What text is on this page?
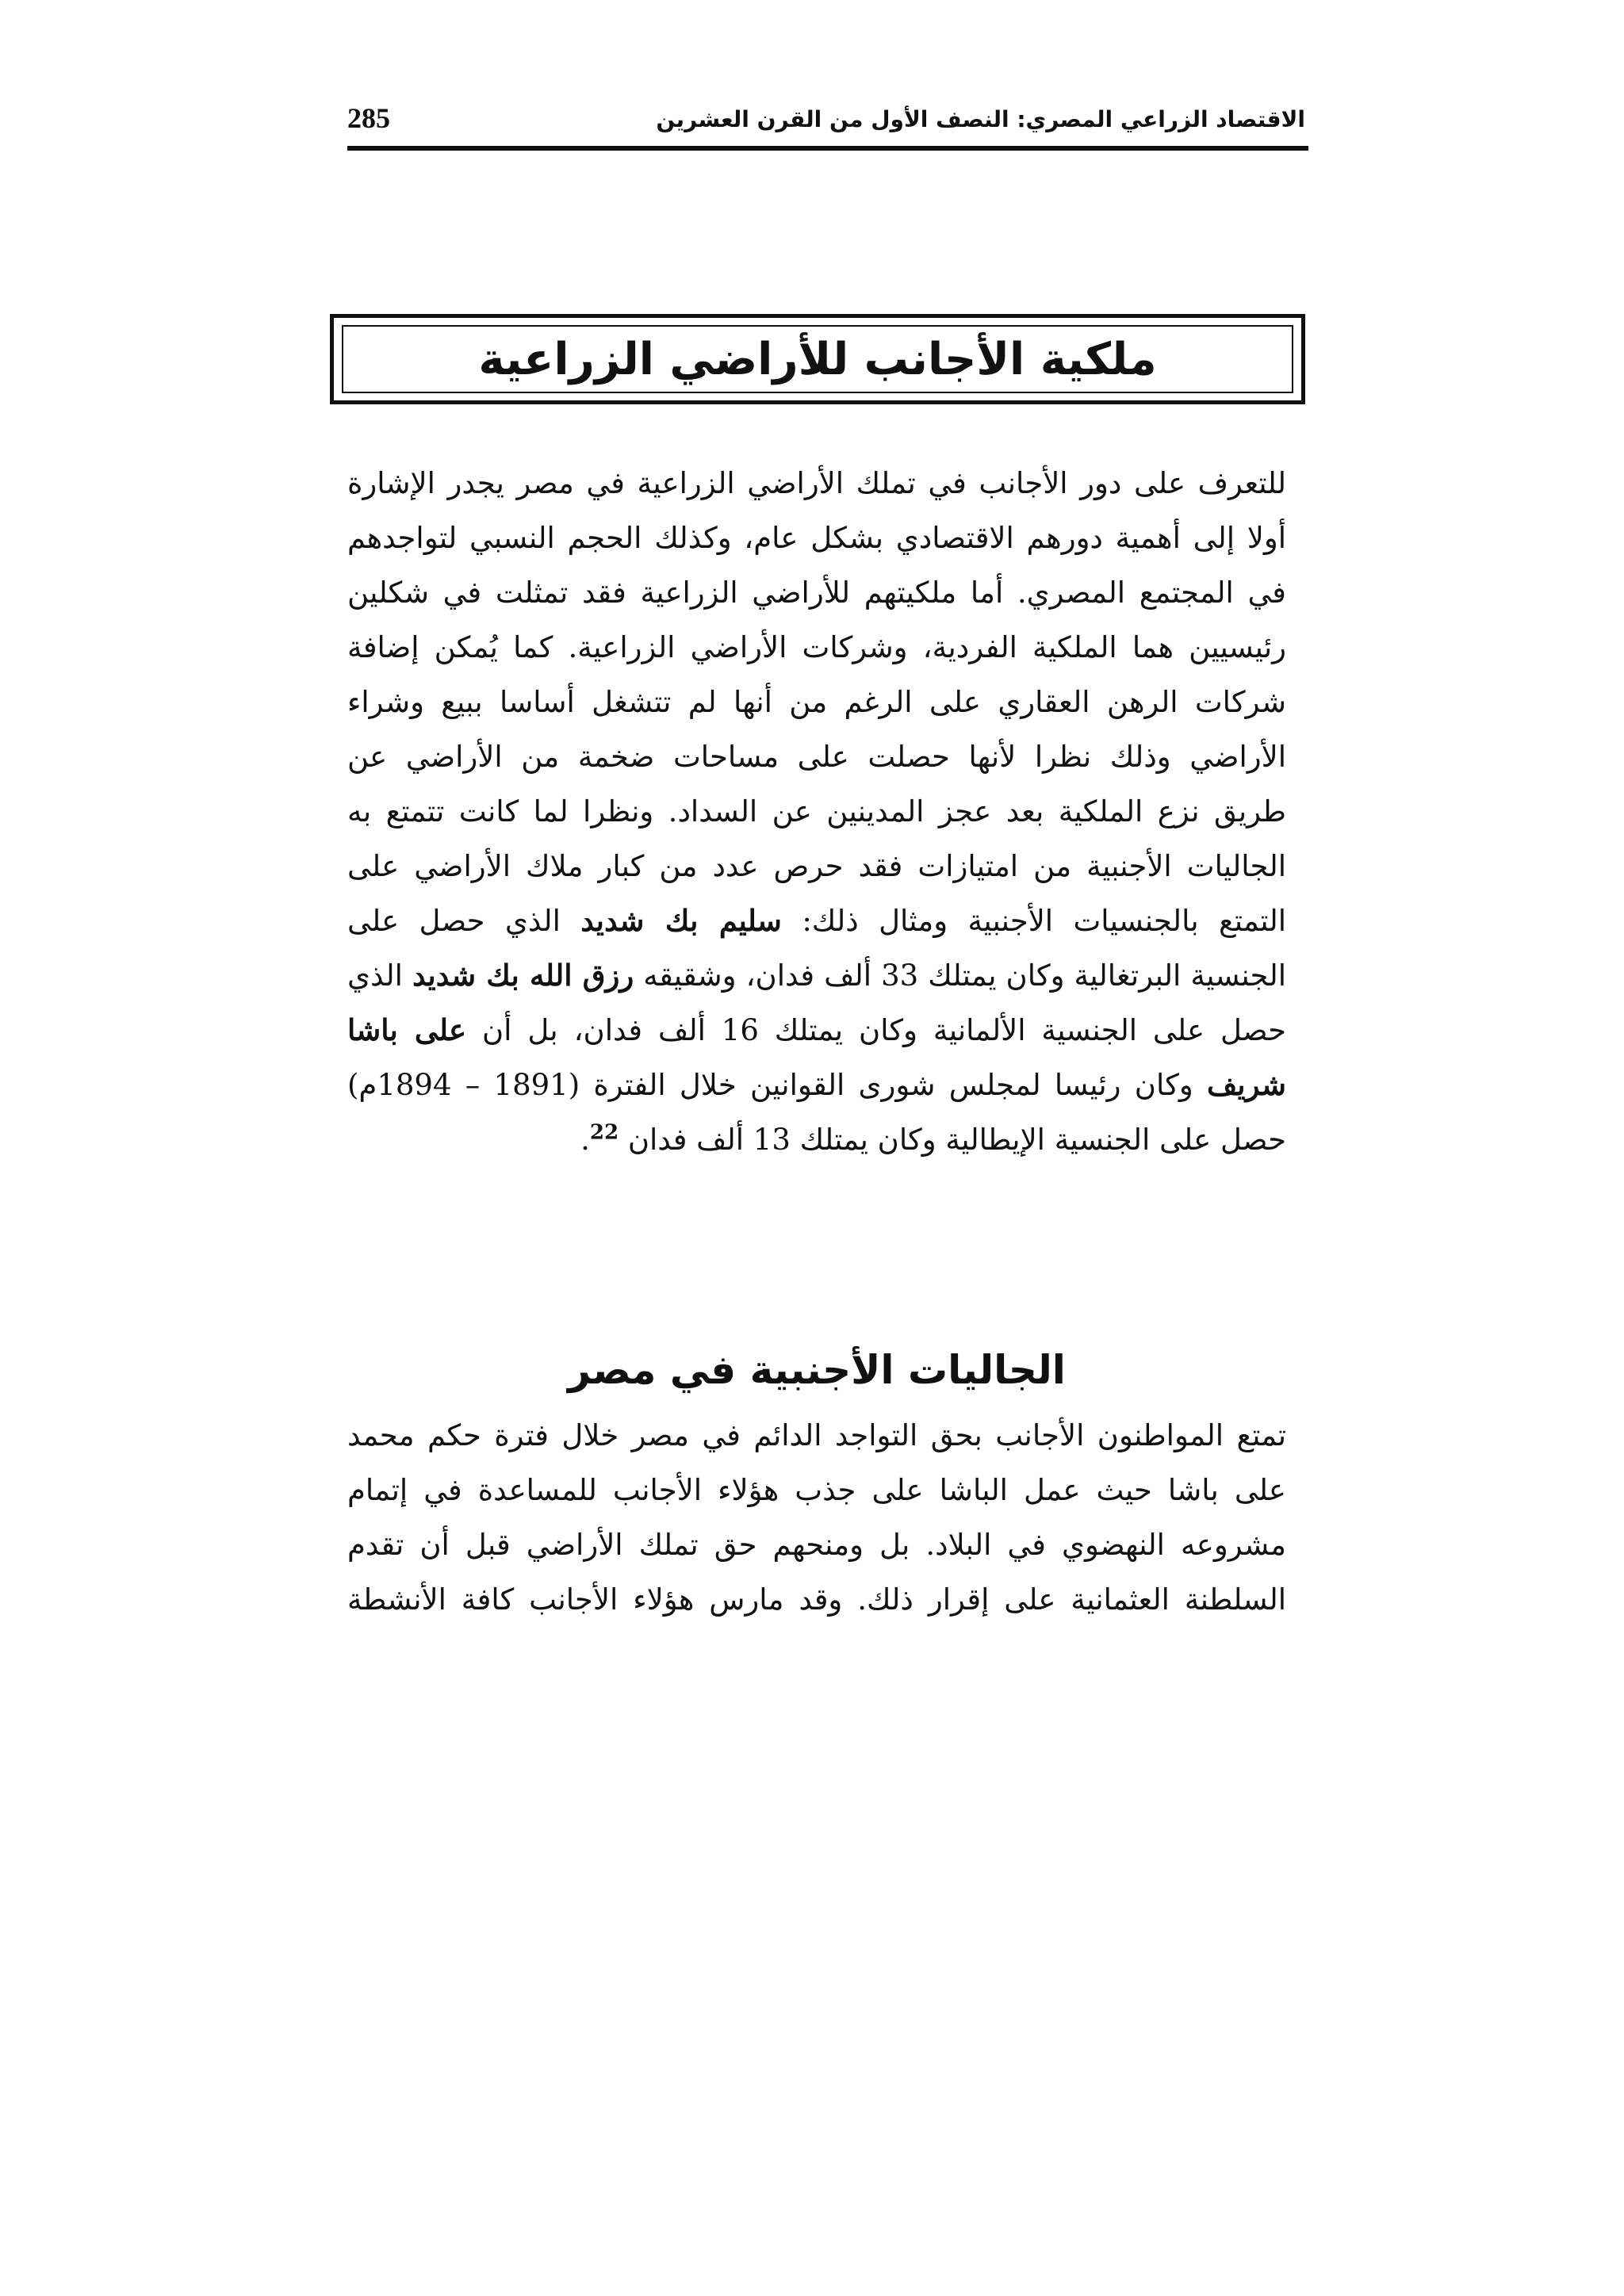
الاقتصاد الزراعي المصري: النصف الأول من القرن العشرين
285
ملكية الأجانب للأراضي الزراعية
للتعرف على دور الأجانب في تملك الأراضي الزراعية في مصر يجدر الإشارة
أولا إلى أهمية دورهم الاقتصادي بشكل عام، وكذلك الحجم النسبي لتواجدهم
في المجتمع المصري. أما ملكيتهم للأراضي الزراعية فقد تمثلت في شكلين
رئيسيين هما الملكية الفردية، وشركات الأراضي الزراعية. كما يُمكن إضافة
شركات الرهن العقاري على الرغم من أنها لم تتشغل أساسا ببيع وشراء
الأراضي وذلك نظرا لأنها حصلت على مساحات ضخمة من الأراضي عن
طريق نزع الملكية بعد عجز المدينين عن السداد. ونظرا لما كانت تتمتع به
الجاليات الأجنبية من امتيازات فقد حرص عدد من كبار ملاك الأراضي على
التمتع بالجنسيات الأجنبية ومثال ذلك: سليم بك شديد الذي حصل على
الجنسية البرتغالية وكان يمتلك 33 ألف فدان، وشقيقه رزق الله بك شديد الذي
حصل على الجنسية الألمانية وكان يمتلك 16 ألف فدان، بل أن على باشا
شريف وكان رئيسا لمجلس شورى القوانين خلال الفترة (1891 – 1894م)
حصل على الجنسية الإيطالية وكان يمتلك 13 ألف فدان $^{22}$.
الجاليات الأجنبية في مصر
تمتع المواطنون الأجانب بحق التواجد الدائم في مصر خلال فترة حكم محمد
على باشا حيث عمل الباشا على جذب هؤلاء الأجانب للمساعدة في إتمام
مشروعه النهضوي في البلاد. بل ومنحهم حق تملك الأراضي قبل أن تقدم
السلطنة العثمانية على إقرار ذلك. وقد مارس هؤلاء الأجانب كافة الأنشطة
